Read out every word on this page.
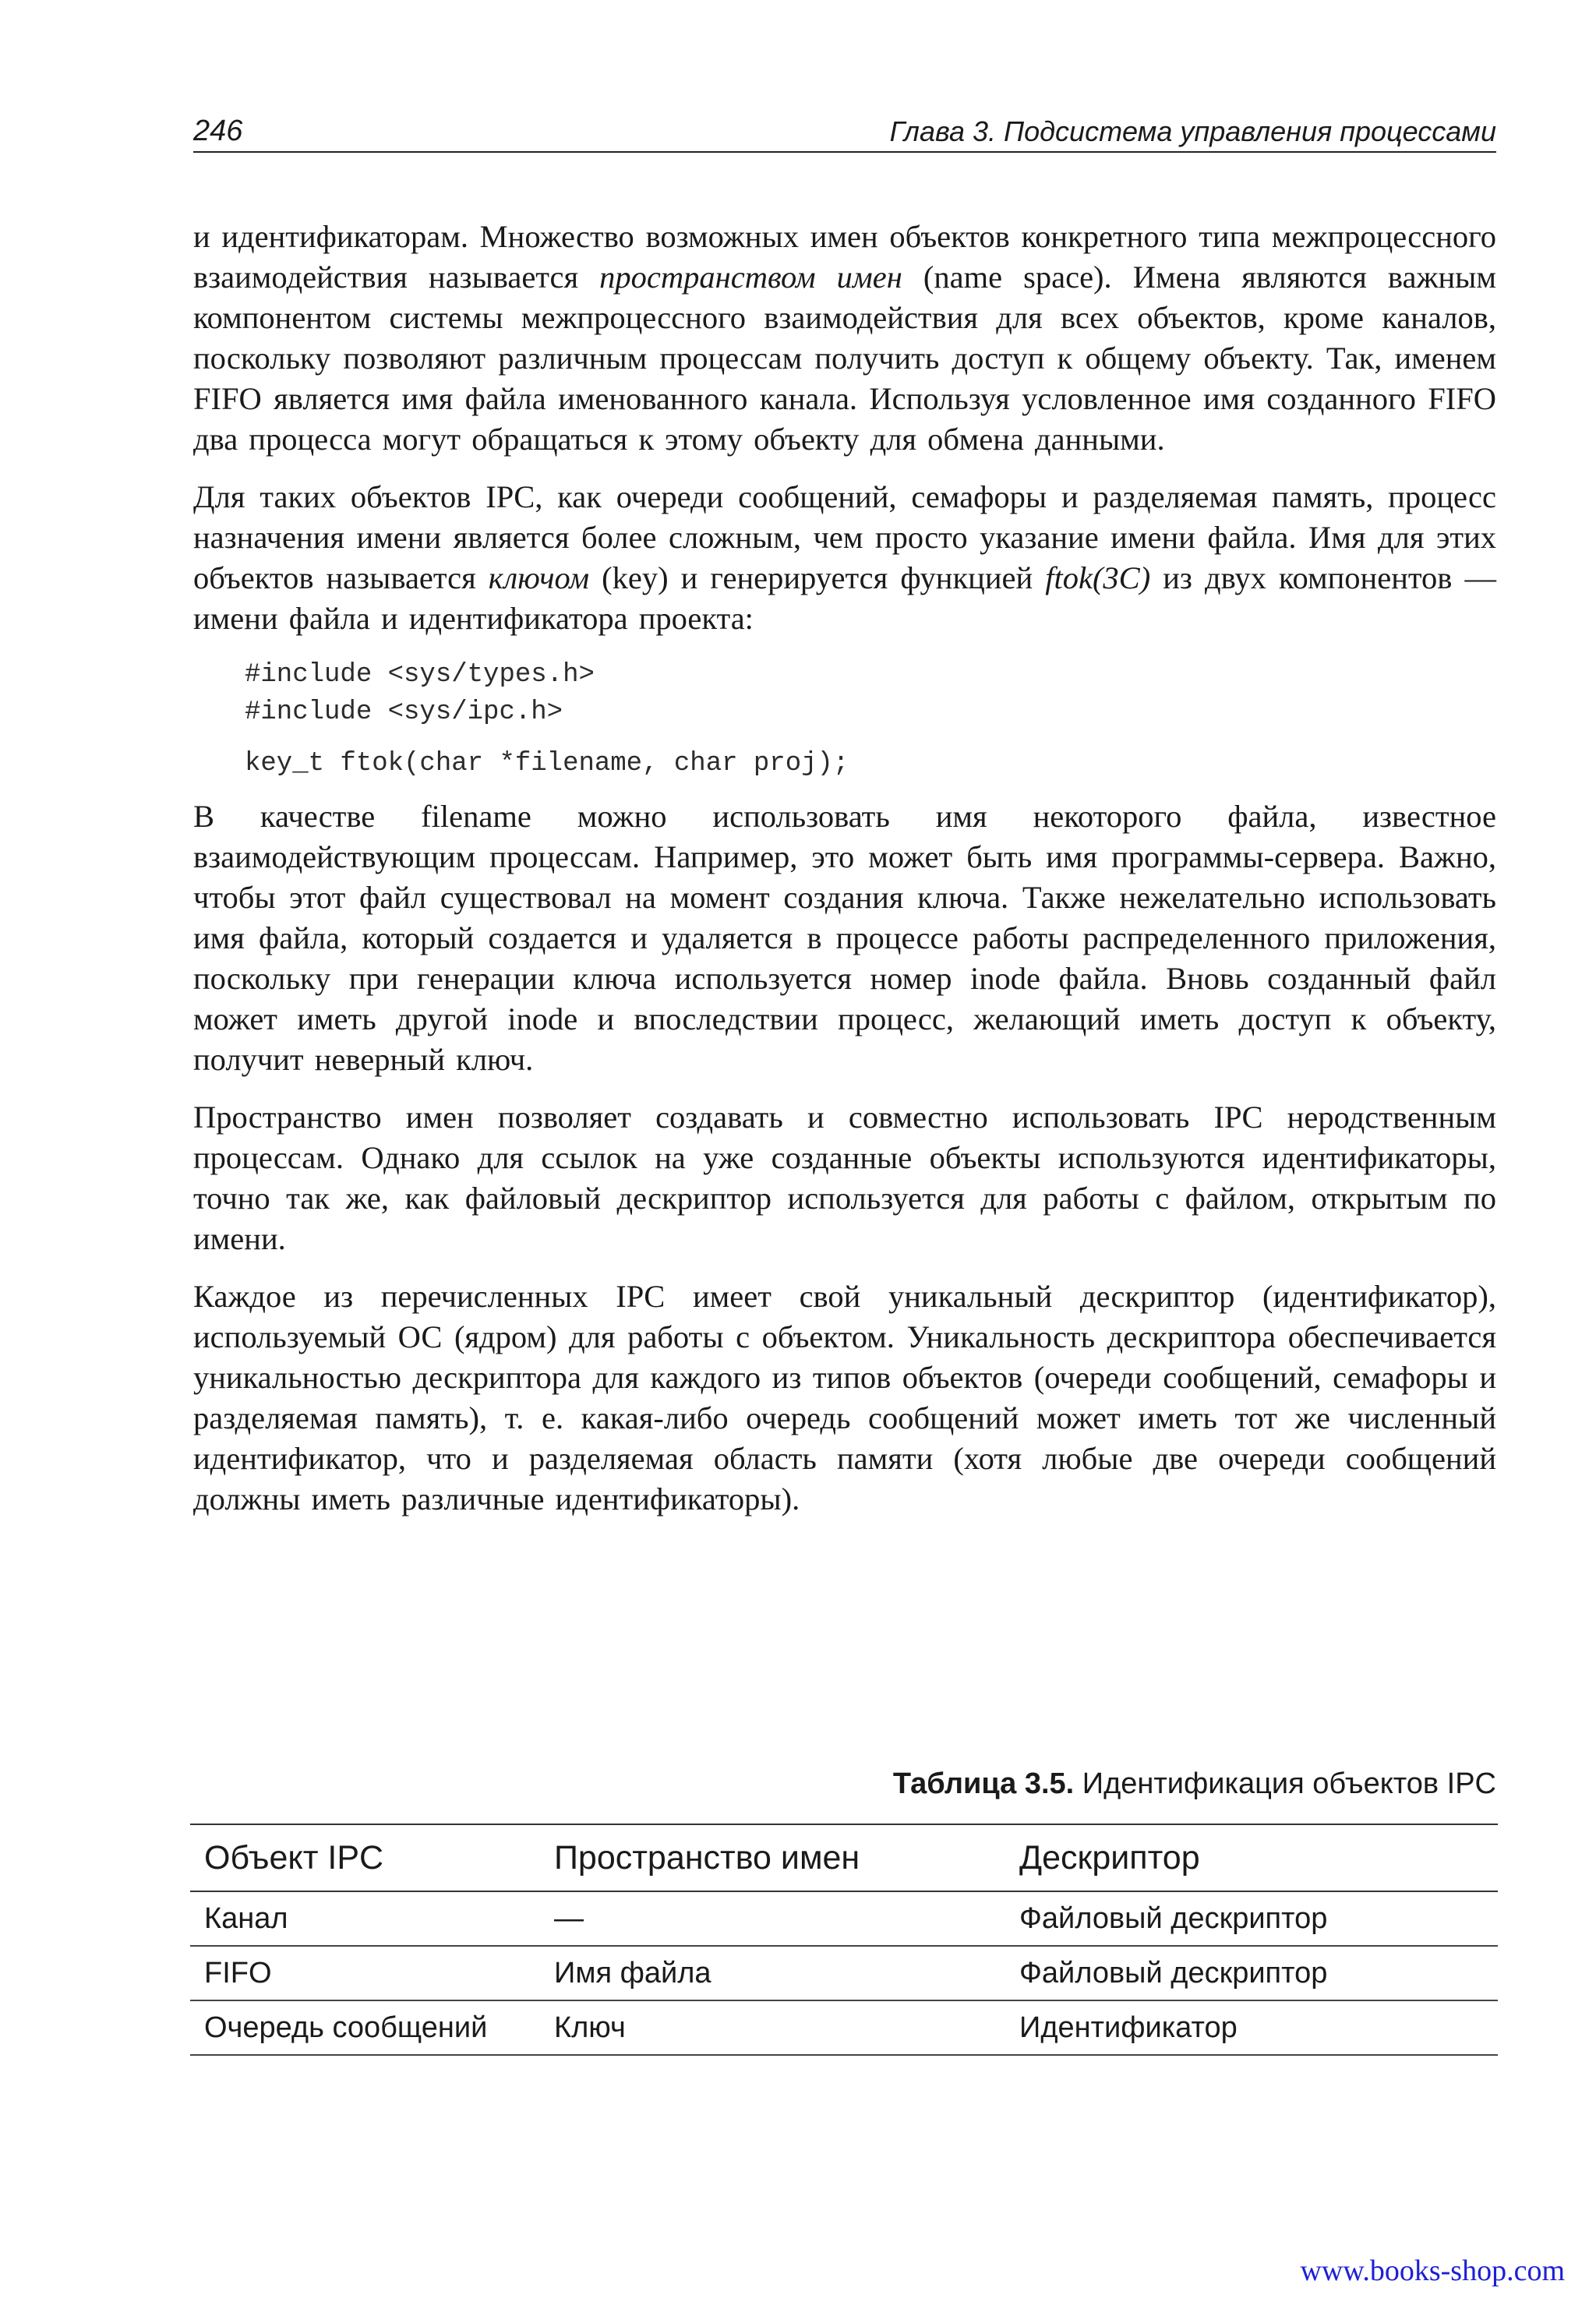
246	Глава 3. Подсистема управления процессами

и идентификаторам. Множество возможных имен объектов конкретного типа межпроцессного взаимодействия называется пространством имен (name space). Имена являются важным компонентом системы межпроцессного взаимодействия для всех объектов, кроме каналов, поскольку позволяют различным процессам получить доступ к общему объекту. Так, именем FIFO является имя файла именованного канала. Используя условленное имя созданного FIFO два процесса могут обращаться к этому объекту для обмена данными.

Для таких объектов IPC, как очереди сообщений, семафоры и разделяемая память, процесс назначения имени является более сложным, чем просто указание имени файла. Имя для этих объектов называется ключом (key) и генерируется функцией ftok(3C) из двух компонентов — имени файла и идентификатора проекта:

#include <sys/types.h>
#include <sys/ipc.h>
key_t ftok(char *filename, char proj);

В качестве filename можно использовать имя некоторого файла, известное взаимодействующим процессам. Например, это может быть имя программы-сервера. Важно, чтобы этот файл существовал на момент создания ключа. Также нежелательно использовать имя файла, который создается и удаляется в процессе работы распределенного приложения, поскольку при генерации ключа используется номер inode файла. Вновь созданный файл может иметь другой inode и впоследствии процесс, желающий иметь доступ к объекту, получит неверный ключ.

Пространство имен позволяет создавать и совместно использовать IPC неродственным процессам. Однако для ссылок на уже созданные объекты используются идентификаторы, точно так же, как файловый дескриптор используется для работы с файлом, открытым по имени.

Каждое из перечисленных IPC имеет свой уникальный дескриптор (идентификатор), используемый ОС (ядром) для работы с объектом. Уникальность дескриптора обеспечивается уникальностью дескриптора для каждого из типов объектов (очереди сообщений, семафоры и разделяемая память), т. е. какая-либо очередь сообщений может иметь тот же численный идентификатор, что и разделяемая область памяти (хотя любые две очереди сообщений должны иметь различные идентификаторы).

Таблица 3.5. Идентификация объектов IPC
Объект IPC	Пространство имен	Дескриптор
Канал	—	Файловый дескриптор
FIFO	Имя файла	Файловый дескриптор
Очередь сообщений	Ключ	Идентификатор
www.books-shop.com
